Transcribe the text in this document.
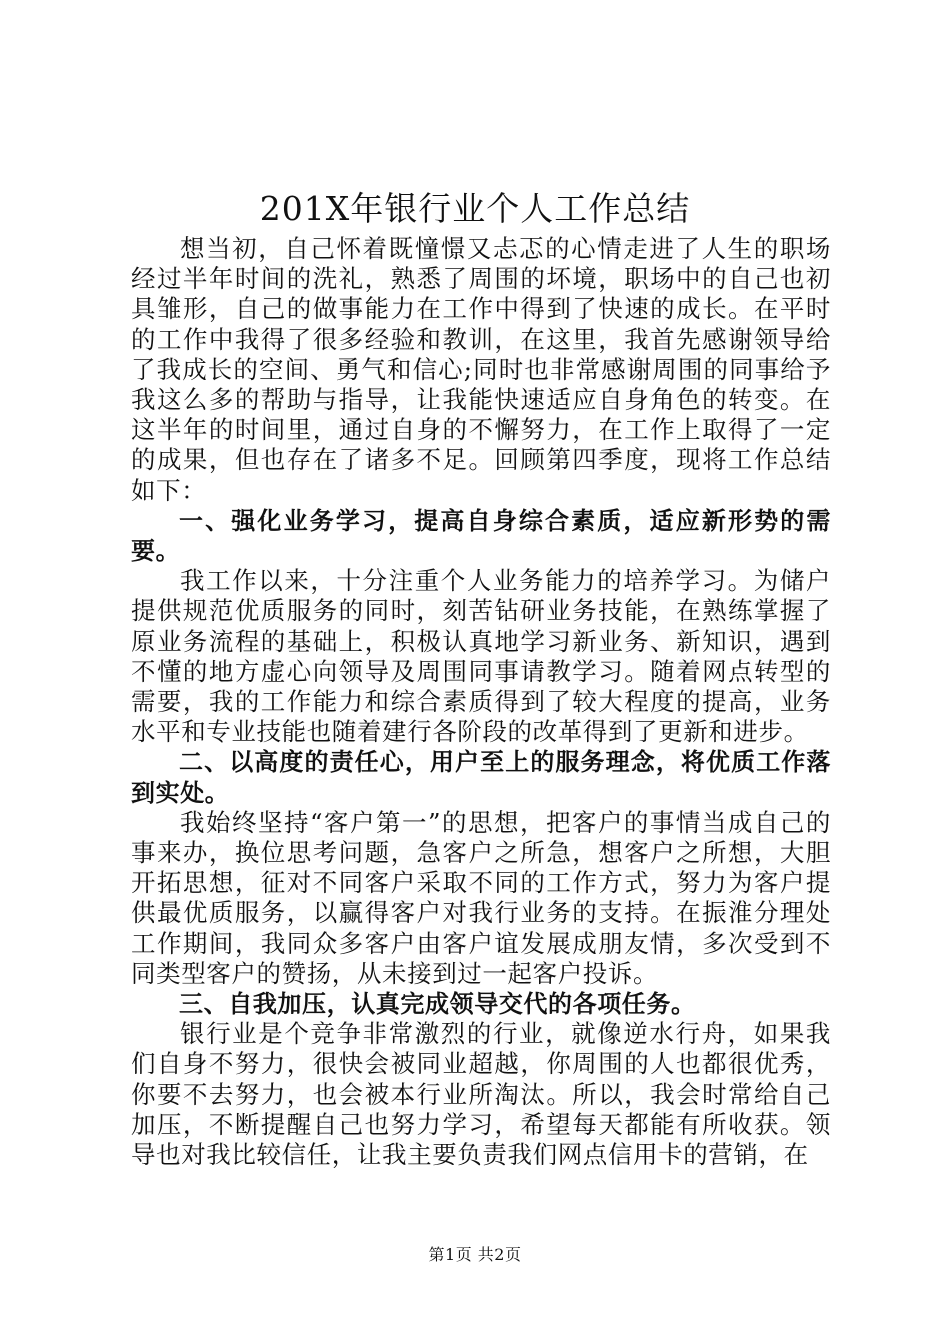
201X年银行业个人工作总结

想当初，自己怀着既憧憬又忐忑的心情走进了人生的职场经过半年时间的洗礼，熟悉了周围的坏境，职场中的自己也初具雏形，自己的做事能力在工作中得到了快速的成长。在平时的工作中我得了很多经验和教训，在这里，我首先感谢领导给了我成长的空间、勇气和信心;同时也非常感谢周围的同事给予我这么多的帮助与指导，让我能快速适应自身角色的转变。在这半年的时间里，通过自身的不懈努力，在工作上取得了一定的成果，但也存在了诸多不足。回顾第四季度，现将工作总结如下：

一、强化业务学习，提高自身综合素质，适应新形势的需要。

我工作以来，十分注重个人业务能力的培养学习。为储户提供规范优质服务的同时，刻苦钻研业务技能，在熟练掌握了原业务流程的基础上，积极认真地学习新业务、新知识，遇到不懂的地方虚心向领导及周围同事请教学习。随着网点转型的需要，我的工作能力和综合素质得到了较大程度的提高，业务水平和专业技能也随着建行各阶段的改革得到了更新和进步。

二、以高度的责任心，用户至上的服务理念，将优质工作落到实处。

我始终坚持“客户第一”的思想，把客户的事情当成自己的事来办，换位思考问题，急客户之所急，想客户之所想，大胆开拓思想，征对不同客户采取不同的工作方式，努力为客户提供最优质服务，以赢得客户对我行业务的支持。在振淮分理处工作期间，我同众多客户由客户谊发展成朋友情，多次受到不同类型客户的赞扬，从未接到过一起客户投诉。

三、自我加压，认真完成领导交代的各项任务。

银行业是个竞争非常激烈的行业，就像逆水行舟，如果我们自身不努力，很快会被同业超越，你周围的人也都很优秀，你要不去努力，也会被本行业所淘汰。所以，我会时常给自己加压，不断提醒自己也努力学习，希望每天都能有所收获。领导也对我比较信任，让我主要负责我们网点信用卡的营销，在

第1页 共2页
